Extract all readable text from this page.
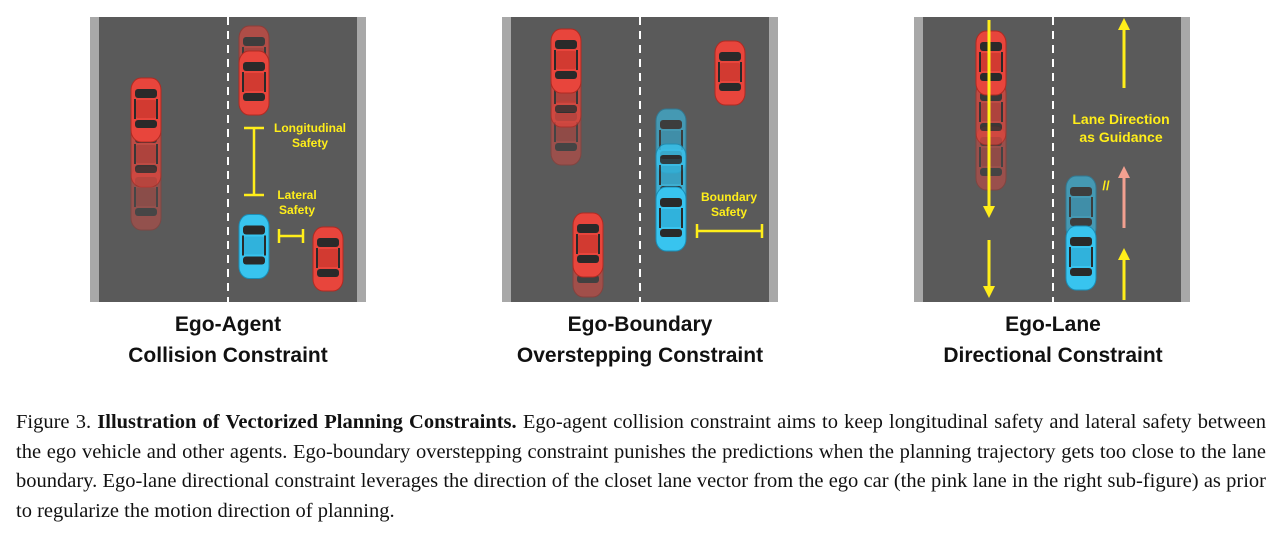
Longitudinal
Safety
Lateral
Safety
Ego-Agent
Collision Constraint
Boundary
Safety
Ego-Boundary
Overstepping Constraint
//
Lane Direction
as Guidance
Ego-Lane
Directional Constraint

Figure 3. Illustration of Vectorized Planning Constraints. Ego-agent collision constraint aims to keep longitudinal safety and lateral safety between the ego vehicle and other agents. Ego-boundary overstepping constraint punishes the predictions when the planning trajectory gets too close to the lane boundary. Ego-lane directional constraint leverages the direction of the closet lane vector from the ego car (the pink lane in the right sub-figure) as prior to regularize the motion direction of planning.
